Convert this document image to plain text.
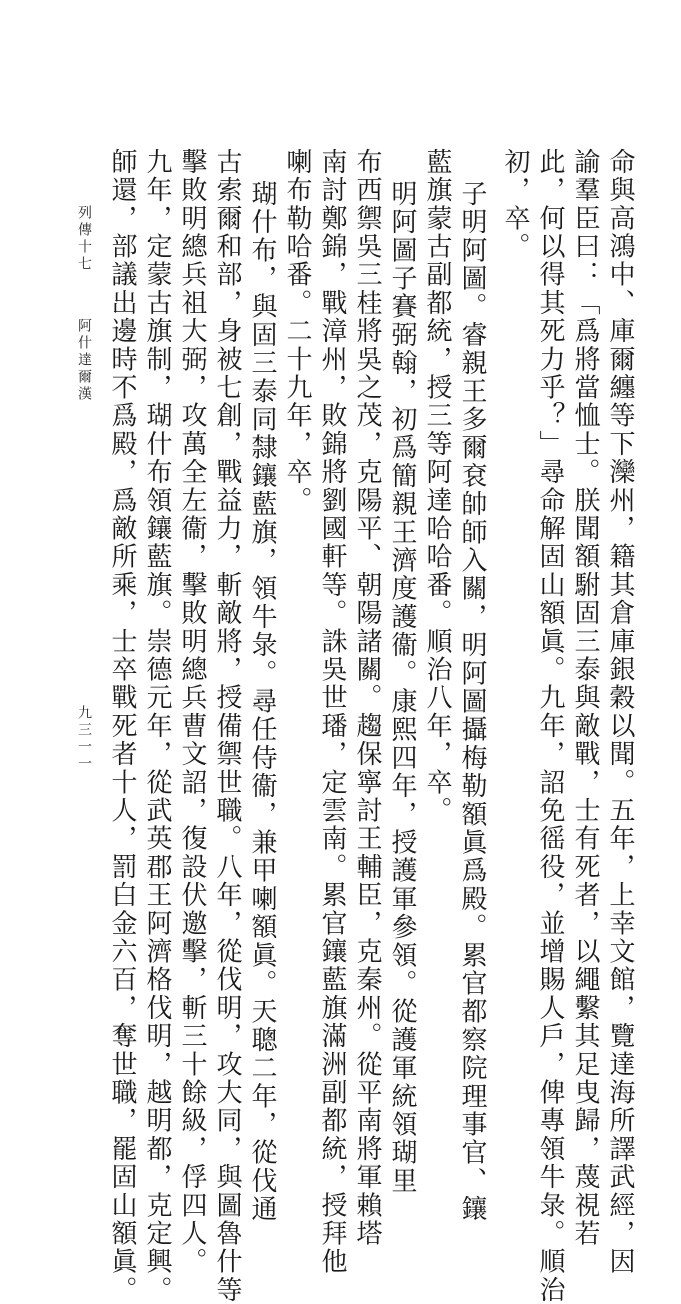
命與高鴻中、庫爾纏等下灤州，籍其倉庫銀穀以聞。五年，上幸文館，覽達海所譯武經，因
諭羣臣曰：「爲將當恤士。朕聞額駙固三泰與敵戰，士有死者，以繩繫其足曳歸，蔑視若
此，何以得其死力乎？」尋命解固山額眞。九年，詔免徭役，並增賜人戶，俾專領牛彔。順治
初，卒。
子明阿圖。睿親王多爾袞帥師入關，明阿圖攝梅勒額眞爲殿。累官都察院理事官、鑲
藍旗蒙古副都統，授三等阿達哈哈番。順治八年，卒。
明阿圖子賽弼翰，初爲簡親王濟度護衞。康熙四年，授護軍參領。從護軍統領瑚里
布西禦吳三桂將吳之茂，克陽平、朝陽諸關。趨保寧討王輔臣，克秦州。從平南將軍賴塔
南討鄭錦，戰漳州，敗錦將劉國軒等。誅吳世璠，定雲南。累官鑲藍旗滿洲副都統，授拜他
喇布勒哈番。二十九年，卒。
瑚什布，與固三泰同隸鑲藍旗，領牛彔。尋任侍衞，兼甲喇額眞。天聰二年，從伐通
古索爾和部，身被七創，戰益力，斬敵將，授備禦世職。八年，從伐明，攻大同，與圖魯什等
擊敗明總兵祖大弼，攻萬全左衞，擊敗明總兵曹文詔，復設伏邀擊，斬三十餘級，俘四人。
九年，定蒙古旗制，瑚什布領鑲藍旗。崇德元年，從武英郡王阿濟格伐明，越明都，克定興。
師還，部議出邊時不爲殿，爲敵所乘，士卒戰死者十人，罰白金六百，奪世職，罷固山額眞。
列傳十七
阿什達爾漢
九三一一
